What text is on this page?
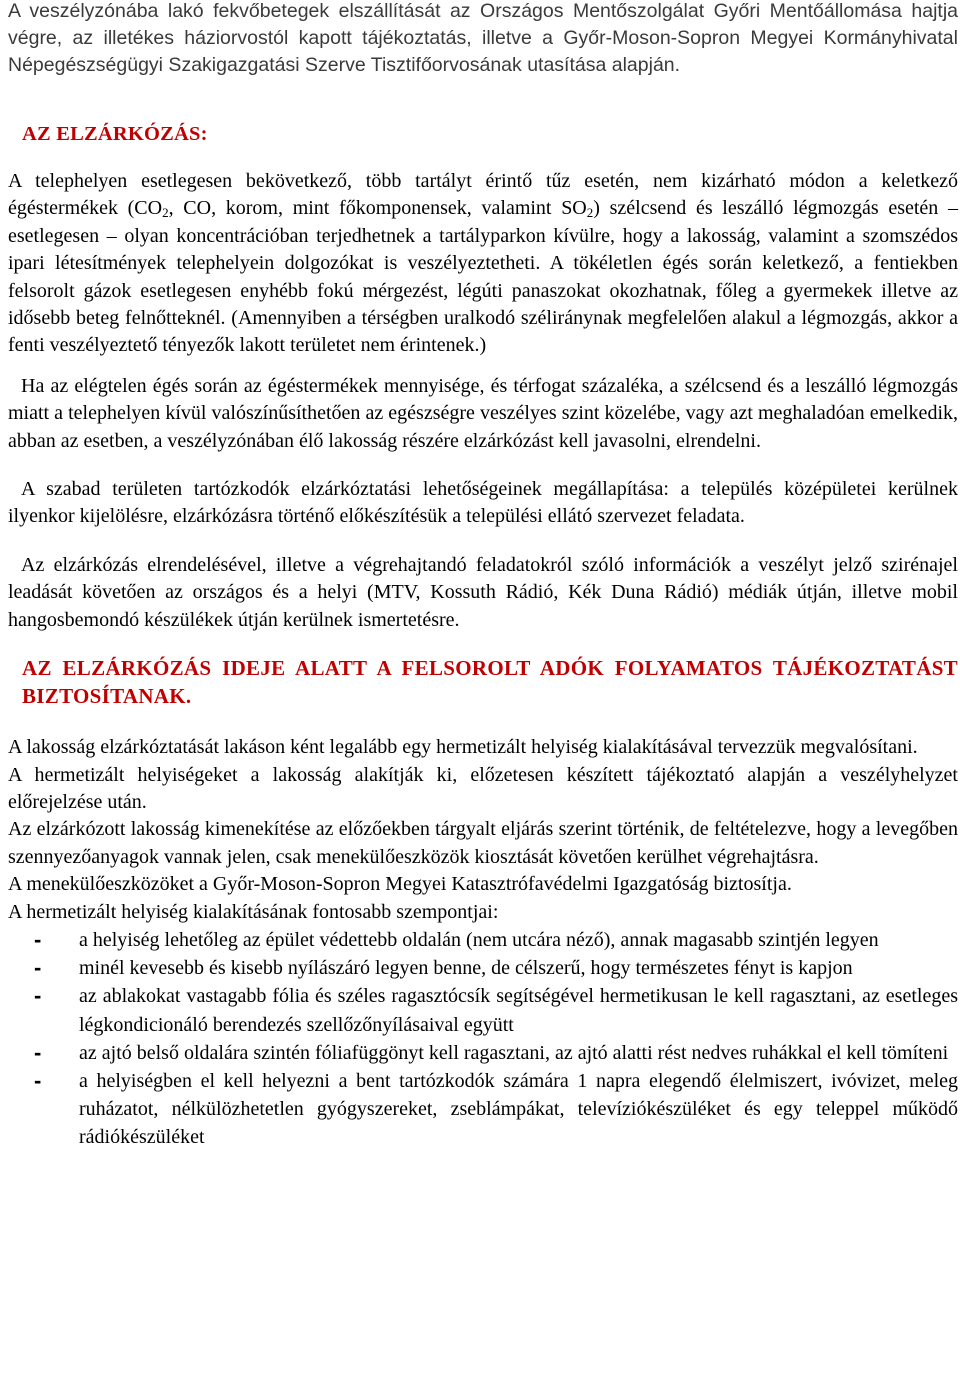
A veszélyzónába lakó fekvőbetegek elszállítását az Országos Mentőszolgálat Győri Mentőállomása hajtja végre, az illetékes háziorvostól kapott tájékoztatás, illetve a Győr-Moson-Sopron Megyei Kormányhivatal Népegészségügyi Szakigazgatási Szerve Tisztifőorvosának utasítása alapján.

AZ ELZÁRKÓZÁS:

A telephelyen esetlegesen bekövetkező, több tartályt érintő tűz esetén, nem kizárható módon a keletkező égéstermékek ($CO_2$, CO, korom, mint főkomponensek, valamint $SO_2$) szélcsend és leszálló légmozgás esetén – esetlegesen – olyan koncentrációban terjedhetnek a tartályparkon kívülre, hogy a lakosság, valamint a szomszédos ipari létesítmények telephelyein dolgozókat is veszélyeztetheti. A tökéletlen égés során keletkező, a fentiekben felsorolt gázok esetlegesen enyhébb fokú mérgezést, légúti panaszokat okozhatnak, főleg a gyermekek illetve az idősebb beteg felnőtteknél. (Amennyiben a térségben uralkodó széliránynak megfelelően alakul a légmozgás, akkor a fenti veszélyeztető tényezők lakott területet nem érintenek.)

Ha az elégtelen égés során az égéstermékek mennyisége, és térfogat százaléka, a szélcsend és a leszálló légmozgás miatt a telephelyen kívül valószínűsíthetően az egészségre veszélyes szint közelébe, vagy azt meghaladóan emelkedik, abban az esetben, a veszélyzónában élő lakosság részére elzárkózást kell javasolni, elrendelni.

A szabad területen tartózkodók elzárkóztatási lehetőségeinek megállapítása: a település középületei kerülnek ilyenkor kijelölésre, elzárkózásra történő előkészítésük a települési ellátó szervezet feladata.

Az elzárkózás elrendelésével, illetve a végrehajtandó feladatokról szóló információk a veszélyt jelző szirénajel leadását követően az országos és a helyi (MTV, Kossuth Rádió, Kék Duna Rádió) médiák útján, illetve mobil hangosbemondó készülékek útján kerülnek ismertetésre.

AZ ELZÁRKÓZÁS IDEJE ALATT A FELSOROLT ADÓK FOLYAMATOS TÁJÉKOZTATÁST BIZTOSÍTANAK.

A lakosság elzárkóztatását lakáson ként legalább egy hermetizált helyiség kialakításával tervezzük megvalósítani.

A hermetizált helyiségeket a lakosság alakítják ki, előzetesen készített tájékoztató alapján a veszélyhelyzet előrejelzése után.

Az elzárkózott lakosság kimenekítése az előzőekben tárgyalt eljárás szerint történik, de feltételezve, hogy a levegőben szennyezőanyagok vannak jelen, csak menekülőeszközök kiosztását követően kerülhet végrehajtásra.

A menekülőeszközöket a Győr-Moson-Sopron Megyei Katasztrófavédelmi Igazgatóság biztosítja.

A hermetizált helyiség kialakításának fontosabb szempontjai:

- a helyiség lehetőleg az épület védettebb oldalán (nem utcára néző), annak magasabb szintjén legyen
- minél kevesebb és kisebb nyílászáró legyen benne, de célszerű, hogy természetes fényt is kapjon
- az ablakokat vastagabb fólia és széles ragasztócsík segítségével hermetikusan le kell ragasztani, az esetleges légkondicionáló berendezés szellőzőnyílásaival együtt
- az ajtó belső oldalára szintén fóliafüggönyt kell ragasztani, az ajtó alatti rést nedves ruhákkal el kell tömíteni
- a helyiségben el kell helyezni a bent tartózkodók számára 1 napra elegendő élelmiszert, ivóvizet, meleg ruházatot, nélkülözhetetlen gyógyszereket, zseblámpákat, televíziókészüléket és egy teleppel működő rádiókészüléket
